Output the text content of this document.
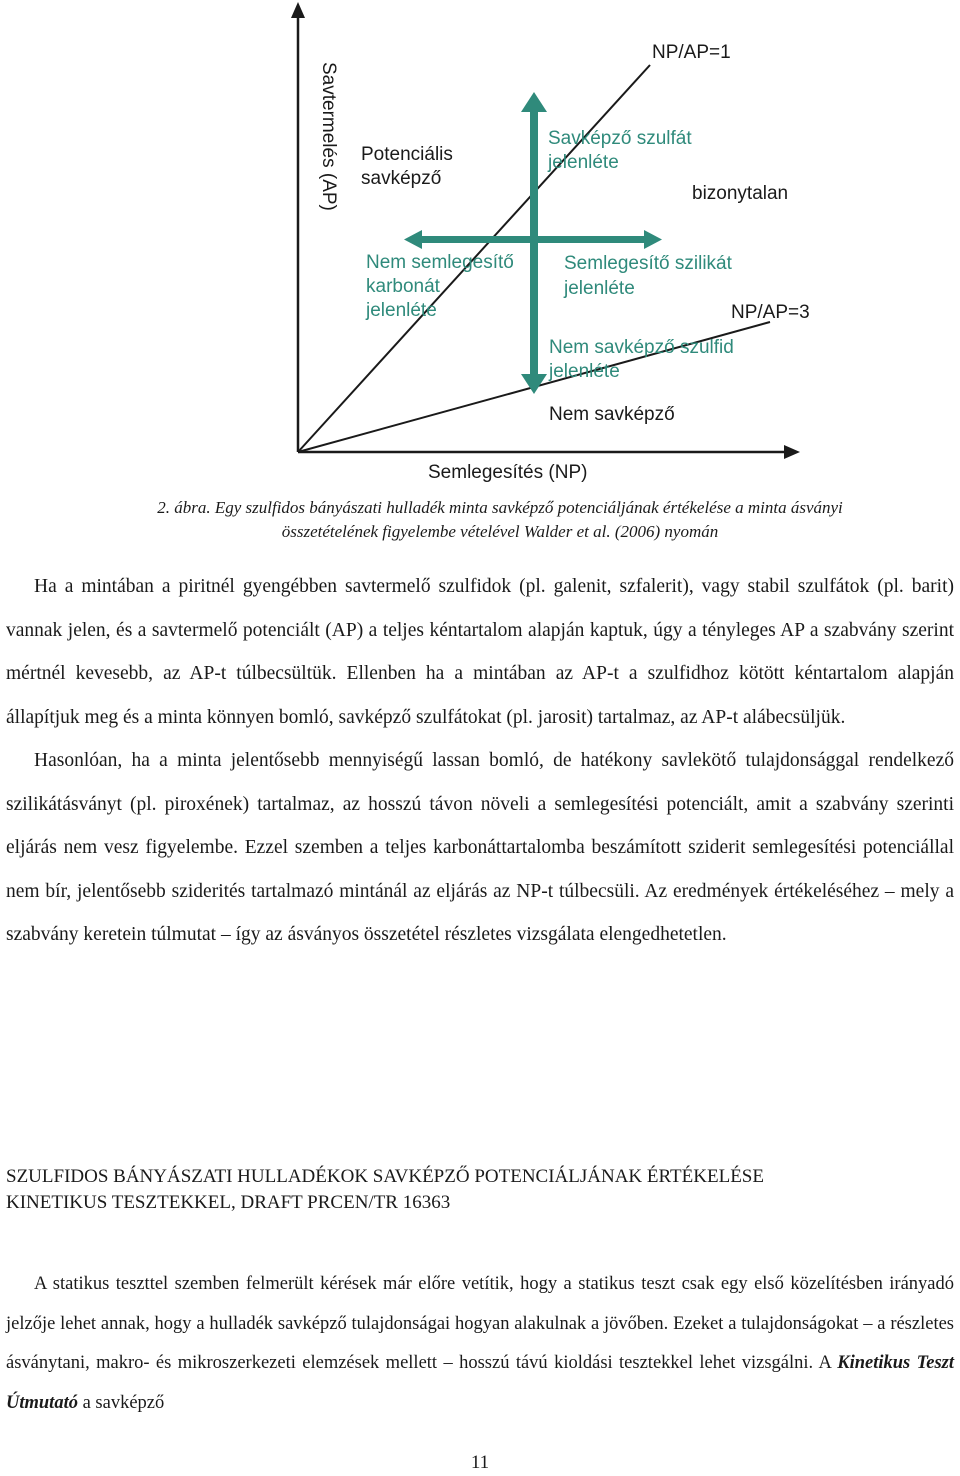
Savtermelés (AP)
Semlegesítés (NP)
NP/AP=1
NP/AP=3
Potenciális
savképző
bizonytalan
Nem savképző
Savképző szulfát
jelenléte
Nem semlegesítő
karbonát
jelenléte
Semlegesítő szilikát
jelenléte
Nem savképző szulfid
jelenléte
2. ábra. Egy szulfidos bányászati hulladék minta savképző potenciáljának értékelése a minta ásványi
összetételének figyelembe vételével Walder et al. (2006) nyomán

Ha a mintában a piritnél gyengébben savtermelő szulfidok (pl. galenit, szfalerit), vagy stabil szulfátok (pl. barit) vannak jelen, és a savtermelő potenciált (AP) a teljes kéntartalom alapján kaptuk, úgy a tényleges AP a szabvány szerint mértnél kevesebb, az AP-t túlbecsültük. Ellenben ha a mintában az AP-t a szulfidhoz kötött kéntartalom alapján állapítjuk meg és a minta könnyen bomló, savképző szulfátokat (pl. jarosit) tartalmaz, az AP-t alábecsüljük.

Hasonlóan, ha a minta jelentősebb mennyiségű lassan bomló, de hatékony savlekötő tulajdonsággal rendelkező szilikátásványt (pl. piroxének) tartalmaz, az hosszú távon növeli a semlegesítési potenciált, amit a szabvány szerinti eljárás nem vesz figyelembe. Ezzel szemben a teljes karbonáttartalomba beszámított sziderit semlegesítési potenciállal nem bír, jelentősebb sziderités tartalmazó mintánál az eljárás az NP-t túlbecsüli. Az eredmények értékeléséhez – mely a szabvány keretein túlmutat – így az ásványos összetétel részletes vizsgálata elengedhetetlen.

SZULFIDOS BÁNYÁSZATI HULLADÉKOK SAVKÉPZŐ POTENCIÁLJÁNAK ÉRTÉKELÉSE
KINETIKUS TESZTEKKEL, DRAFT PRCEN/TR 16363

A statikus teszttel szemben felmerült kérések már előre vetítik, hogy a statikus teszt csak egy első közelítésben irányadó jelzője lehet annak, hogy a hulladék savképző tulajdonságai hogyan alakulnak a jövőben. Ezeket a tulajdonságokat – a részletes ásványtani, makro- és mikroszerkezeti elemzések mellett – hosszú távú kioldási tesztekkel lehet vizsgálni. A Kinetikus Teszt Útmutató a savképző

11
